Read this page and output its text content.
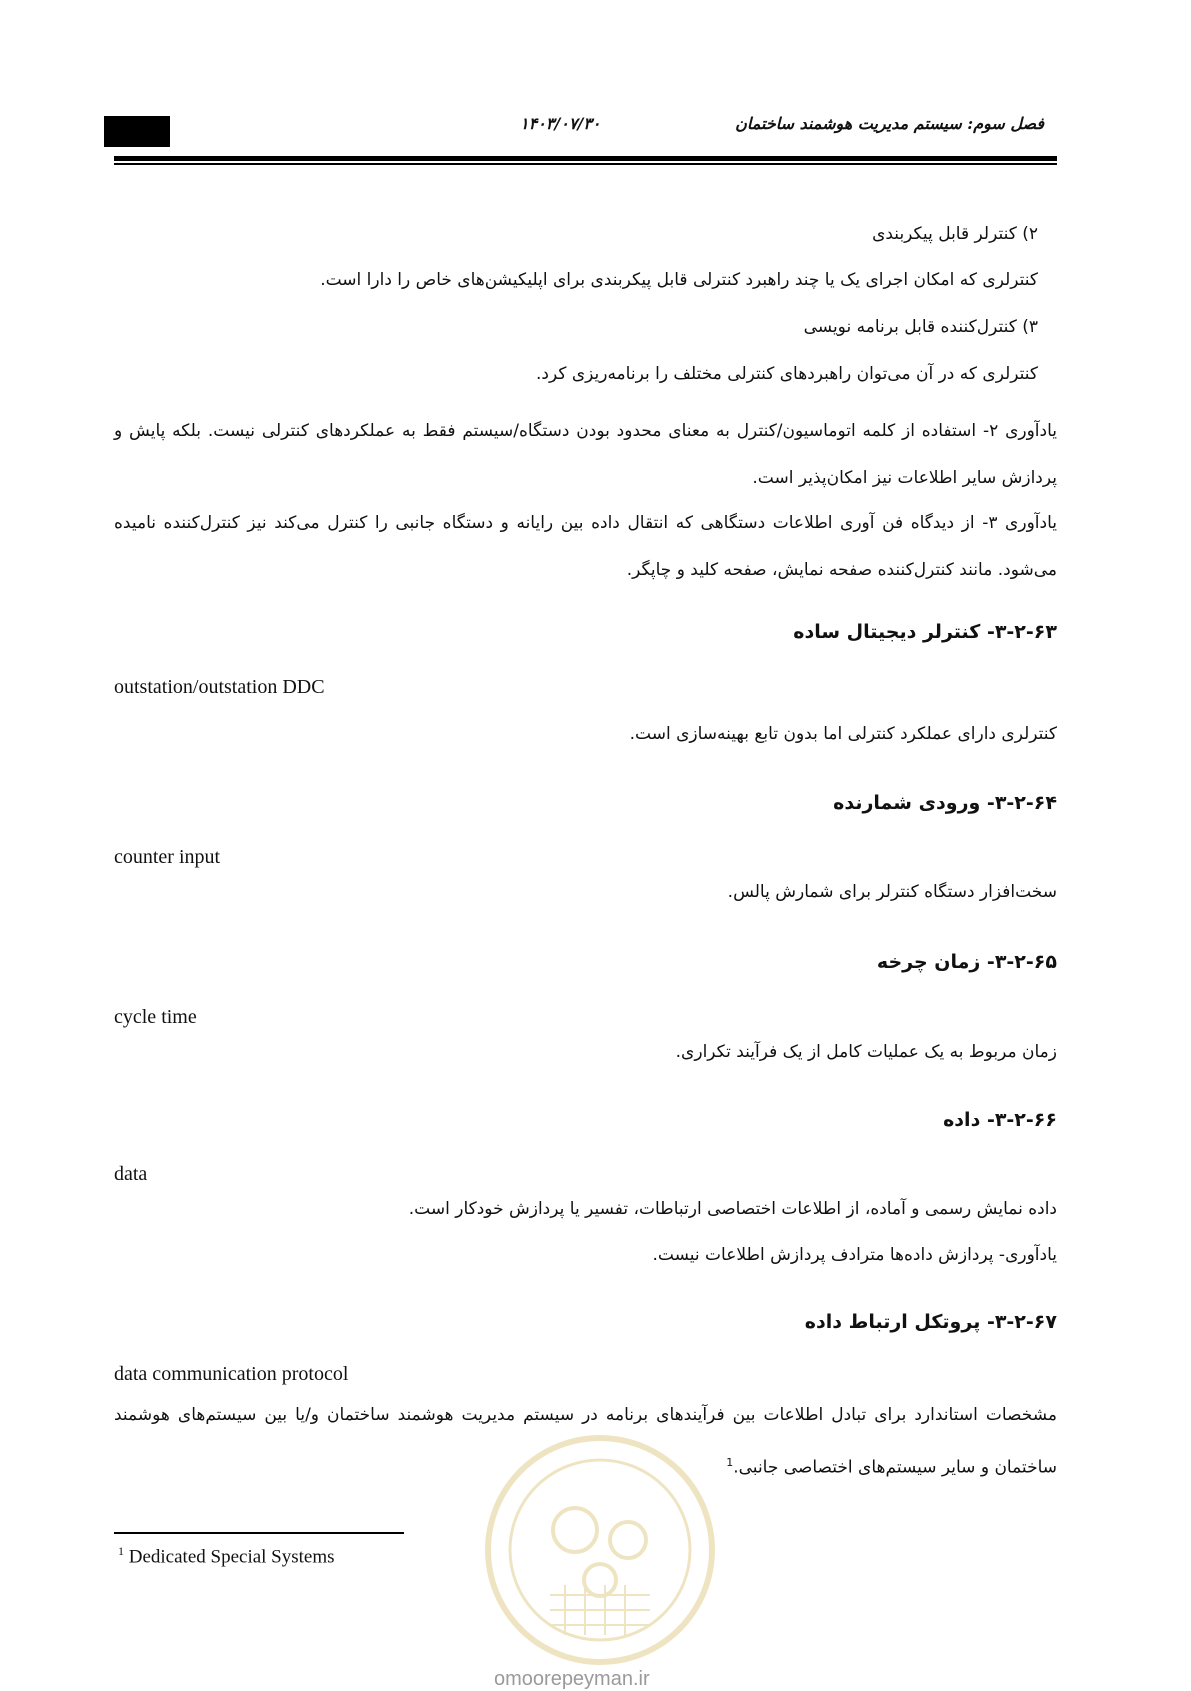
فصل سوم: سیستم مدیریت هوشمند ساختمان
۱۴۰۳/۰۷/۳۰
۲) کنترلر قابل پیکربندی
کنترلری که امکان اجرای یک یا چند راهبرد کنترلی قابل پیکربندی برای اپلیکیشن‌های خاص را دارا است.
۳) کنترل‌کننده قابل برنامه نویسی
کنترلری که در آن می‌توان راهبردهای کنترلی مختلف را برنامه‌ریزی کرد.
یادآوری ۲- استفاده از کلمه اتوماسیون/کنترل به معنای محدود بودن دستگاه/سیستم فقط به عملکردهای کنترلی نیست. بلکه پایش و پردازش سایر اطلاعات نیز امکان‌پذیر است.
یادآوری ۳- از دیدگاه فن آوری اطلاعات دستگاهی که انتقال داده بین رایانه و دستگاه جانبی را کنترل می‌کند نیز کنترل‌کننده نامیده می‌شود. مانند کنترل‌کننده صفحه نمایش، صفحه کلید و چاپگر.
۳-۲-۶۳- کنترلر دیجیتال ساده
outstation/outstation DDC
کنترلری دارای عملکرد کنترلی اما بدون تابع بهینه‌سازی است.
۳-۲-۶۴- ورودی شمارنده
counter input
سخت‌افزار دستگاه کنترلر برای شمارش پالس.
۳-۲-۶۵- زمان چرخه
cycle time
زمان مربوط به یک عملیات کامل از یک فرآیند تکراری.
۳-۲-۶۶- داده
data
داده نمایش رسمی و آماده، از اطلاعات اختصاصی ارتباطات، تفسیر یا پردازش خودکار است.
یادآوری- پردازش داده‌ها مترادف پردازش اطلاعات نیست.
۳-۲-۶۷- پروتکل ارتباط داده
data communication protocol
مشخصات استاندارد برای تبادل اطلاعات بین فرآیندهای برنامه در سیستم مدیریت هوشمند ساختمان و/یا بین سیستم‌های هوشمند ساختمان و سایر سیستم‌های اختصاصی جانبی.$^1$
$^1$ Dedicated Special Systems
omoorepeyman.ir
